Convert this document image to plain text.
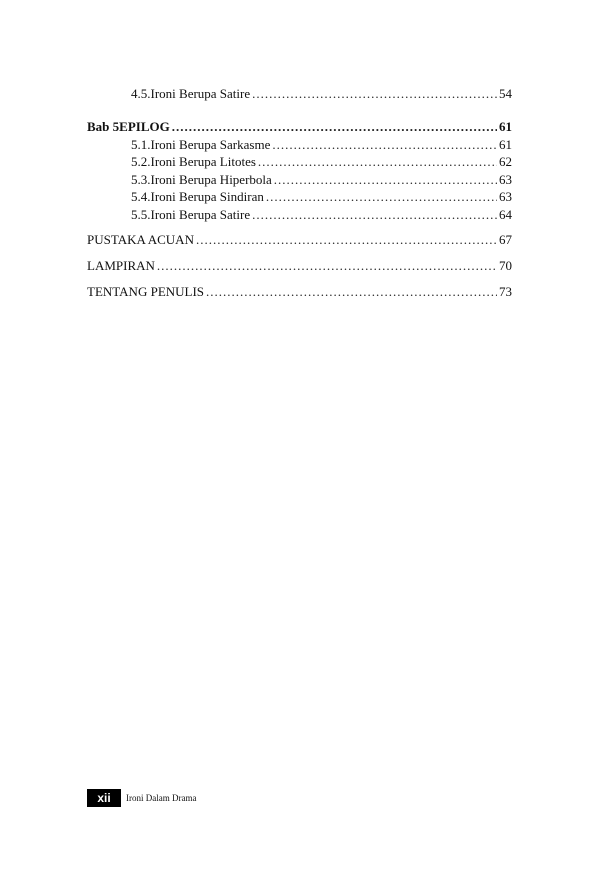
4.5. Ironi Berupa Satire .....	54
Bab 5 EPILOG .....	61
5.1. Ironi Berupa Sarkasme .....	61
5.2. Ironi Berupa Litotes .....	62
5.3. Ironi Berupa Hiperbola .....	63
5.4. Ironi Berupa Sindiran .....	63
5.5. Ironi Berupa Satire .....	64
PUSTAKA ACUAN .....	67
LAMPIRAN .....	70
TENTANG PENULIS .....	73
xii	Ironi Dalam Drama
